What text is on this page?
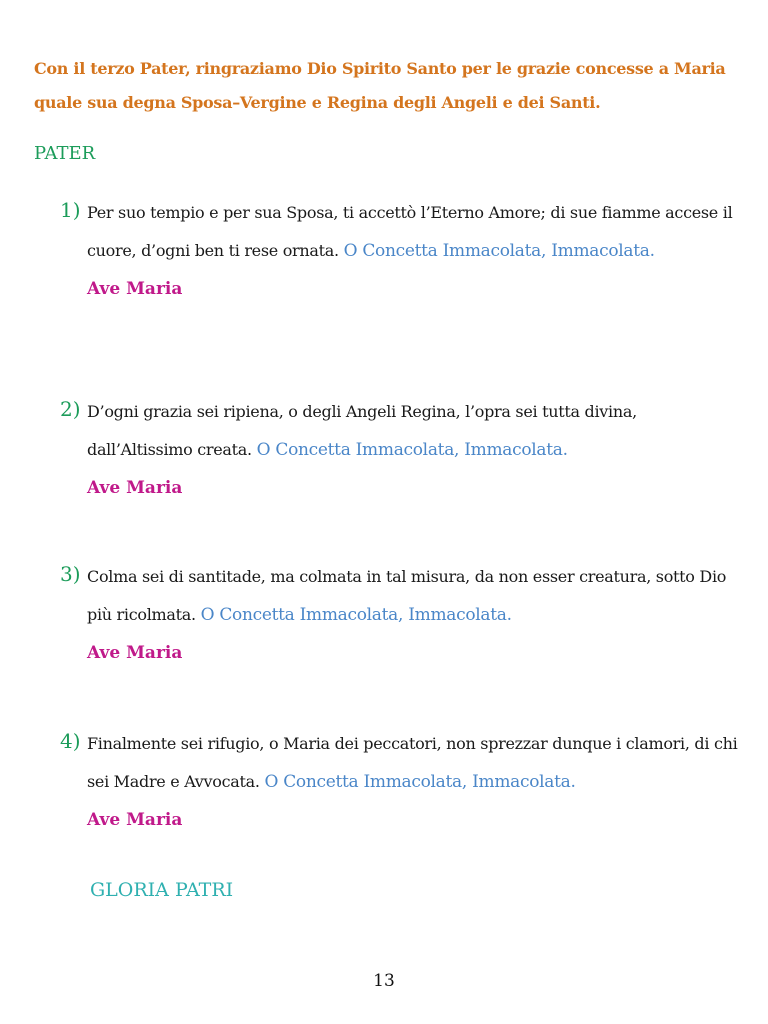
Con il terzo Pater, ringraziamo Dio Spirito Santo per le grazie concesse a Maria quale sua degna Sposa–Vergine e Regina degli Angeli e dei Santi.
PATER
1) Per suo tempio e per sua Sposa, ti accettò l’Eterno Amore; di sue fiamme accese il cuore, d’ogni ben ti rese ornata. O Concetta Immacolata, Immacolata.
Ave Maria
2) D’ogni grazia sei ripiena, o degli Angeli Regina, l’opra sei tutta divina, dall’Altissimo creata. O Concetta Immacolata, Immacolata.
Ave Maria
3) Colma sei di santitade, ma colmata in tal misura, da non esser creatura, sotto Dio più ricolmata. O Concetta Immacolata, Immacolata.
Ave Maria
4) Finalmente sei rifugio, o Maria dei peccatori, non sprezzar dunque i clamori, di chi sei Madre e Avvocata. O Concetta Immacolata, Immacolata.
Ave Maria
GLORIA PATRI
13
